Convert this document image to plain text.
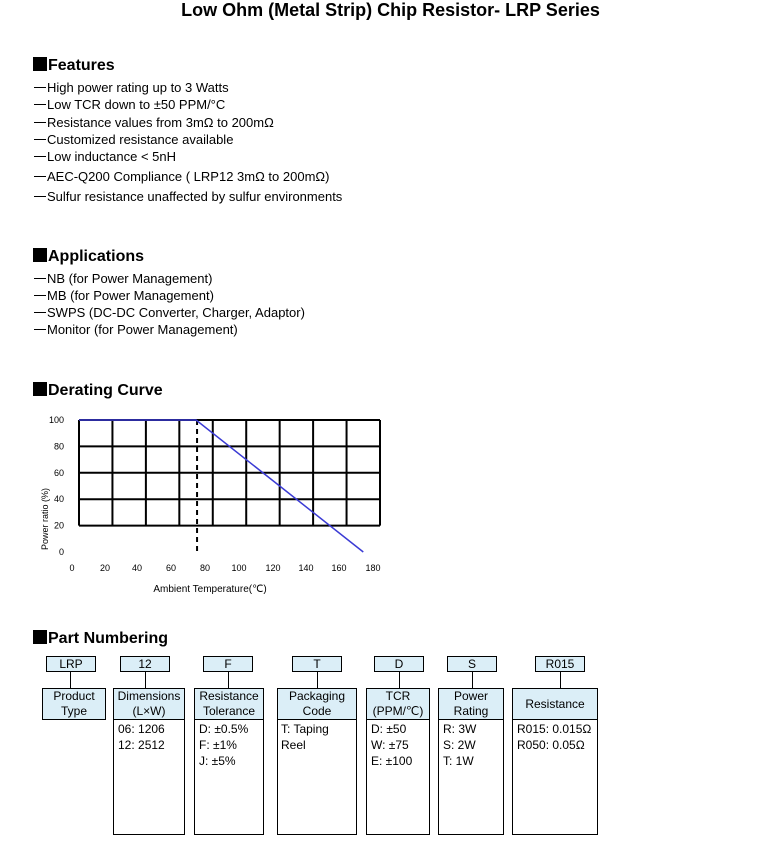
Low Ohm (Metal Strip) Chip Resistor- LRP Series
Features
High power rating up to 3 Watts
Low TCR down to ±50 PPM/°C
Resistance values from 3mΩ to 200mΩ
Customized resistance available
Low inductance < 5nH
AEC-Q200 Compliance ( LRP12 3mΩ to 200mΩ)
Sulfur resistance unaffected by sulfur environments
Applications
NB (for Power Management)
MB (for Power Management)
SWPS (DC-DC Converter, Charger, Adaptor)
Monitor (for Power Management)
Derating Curve
Power ratio (%)
100
80
60
40
20
0
0	20 40	60	80 100 120 140 160 180
Ambient Temperature(℃)
Part Numbering
LRP	12	F	T	D	S	R015
Product
Type
Dimensions
(L×W)
Resistance
Tolerance
Packaging
Code
TCR
(PPM/℃)
Power
Rating
Resistance
06: 1206
12: 2512
D: ±0.5%
F: ±1%
J: ±5%
T: Taping Reel
D: ±50
W: ±75
E: ±100
R: 3W
S: 2W
T: 1W
R015: 0.015Ω
R050: 0.05Ω
